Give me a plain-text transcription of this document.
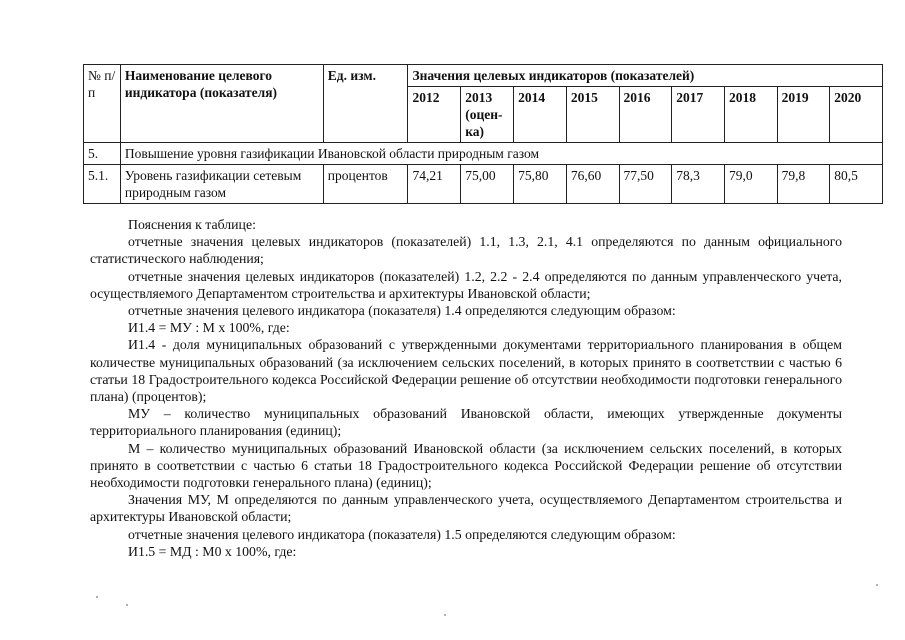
№ п/п	Наименование целевого индикатора (показателя)	Ед. изм.	Значения целевых индикаторов (показателей)								
			2012	2013 (оцен-ка)	2014	2015	2016	2017	2018	2019	2020
5.	Повышение уровня газификации Ивановской области природным газом										
5.1.	Уровень газификации сетевым природным газом	процентов	74,21	75,00	75,80	76,60	77,50	78,3	79,0	79,8	80,5

Пояснения к таблице:

отчетные значения целевых индикаторов (показателей) 1.1, 1.3, 2.1, 4.1 определяются по данным официального статистического наблюдения;

отчетные значения целевых индикаторов (показателей) 1.2, 2.2 - 2.4 определяются по данным управленческого учета, осуществляемого Департаментом строительства и архитектуры Ивановской области;

отчетные значения целевого индикатора (показателя) 1.4 определяются следующим образом:

И1.4 = МУ : М х 100%, где:

И1.4 - доля муниципальных образований с утвержденными документами территориального планирования в общем количестве муниципальных образований (за исключением сельских поселений, в которых принято в соответствии с частью 6 статьи 18 Градостроительного кодекса Российской Федерации решение об отсутствии необходимости подготовки генерального плана) (процентов);

МУ – количество муниципальных образований Ивановской области, имеющих утвержденные документы территориального планирования (единиц);

М – количество муниципальных образований Ивановской области (за исключением сельских поселений, в которых принято в соответствии с частью 6 статьи 18 Градостроительного кодекса Российской Федерации решение об отсутствии необходимости подготовки генерального плана) (единиц);

Значения МУ, М определяются по данным управленческого учета, осуществляемого Департаментом строительства и архитектуры Ивановской области;

отчетные значения целевого индикатора (показателя) 1.5 определяются следующим образом:

И1.5 = МД : М0 х 100%, где:
